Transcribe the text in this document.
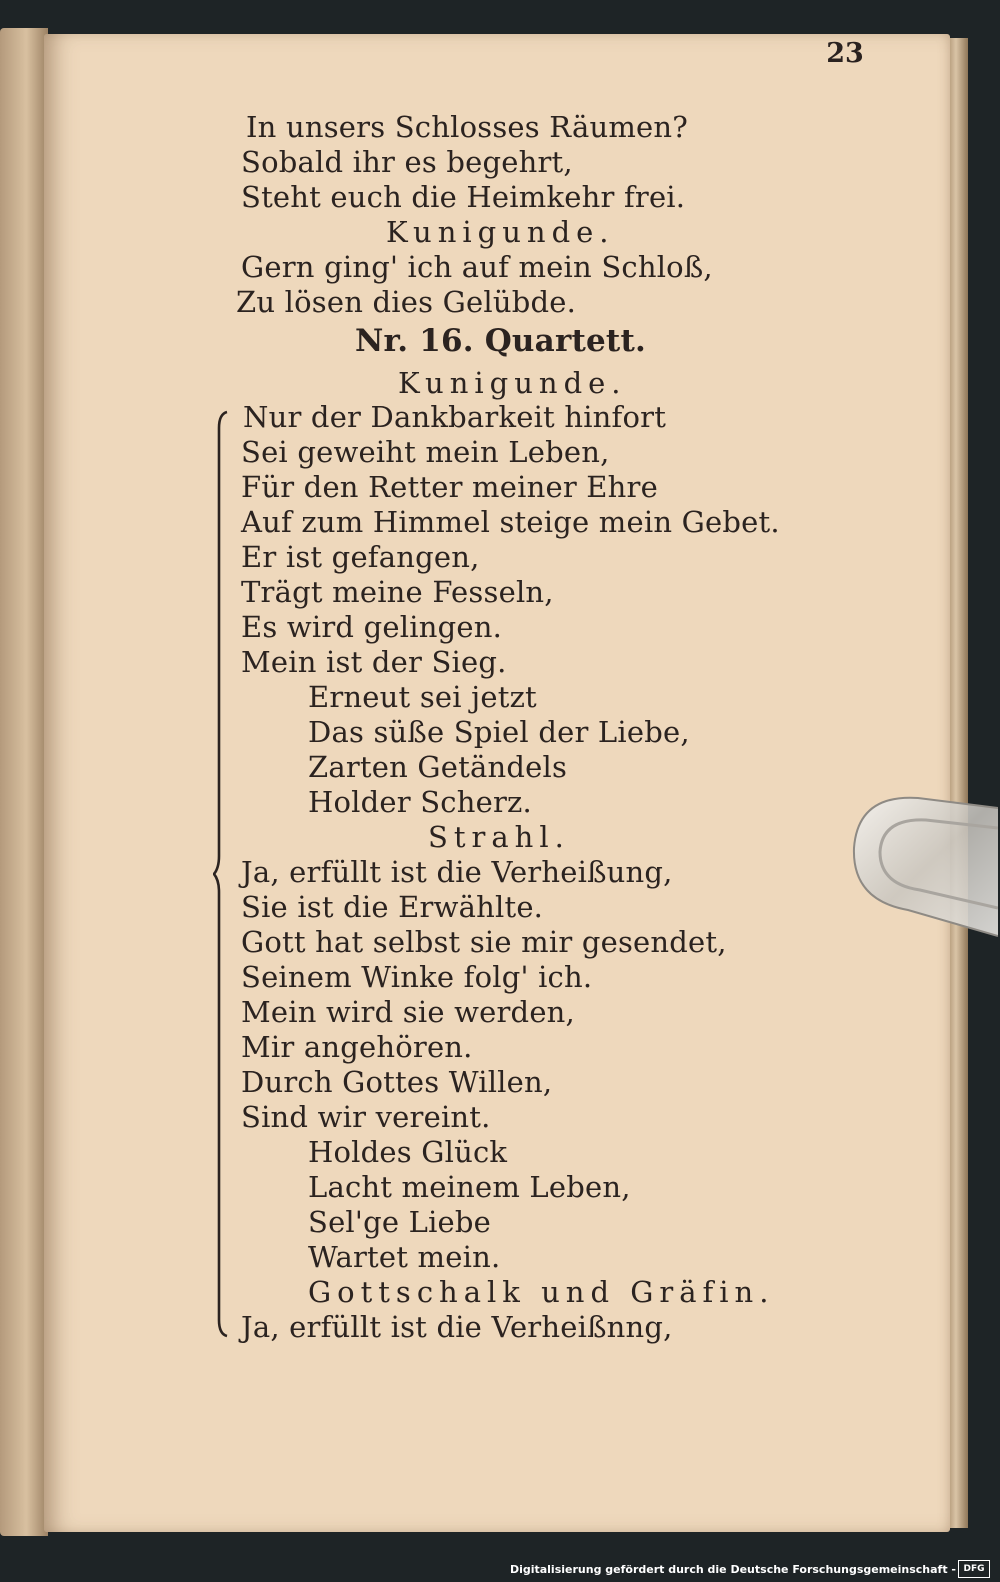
23
In unsers Schlosses Räumen?
Sobald ihr es begehrt,
Steht euch die Heimkehr frei.
Kunigunde.
Gern ging' ich auf mein Schloß,
Zu lösen dies Gelübde.
Nr. 16. Quartett.
Kunigunde.
Nur der Dankbarkeit hinfort
Sei geweiht mein Leben,
Für den Retter meiner Ehre
Auf zum Himmel steige mein Gebet.
Er ist gefangen,
Trägt meine Fesseln,
Es wird gelingen.
Mein ist der Sieg.
Erneut sei jetzt
Das süße Spiel der Liebe,
Zarten Getändels
Holder Scherz.
Strahl.
Ja, erfüllt ist die Verheißung,
Sie ist die Erwählte.
Gott hat selbst sie mir gesendet,
Seinem Winke folg' ich.
Mein wird sie werden,
Mir angehören.
Durch Gottes Willen,
Sind wir vereint.
Holdes Glück
Lacht meinem Leben,
Sel'ge Liebe
Wartet mein.
Gottschalk und Gräfin.
Ja, erfüllt ist die Verheißnng,
Digitalisierung gefördert durch die Deutsche Forschungsgemeinschaft - DFG
